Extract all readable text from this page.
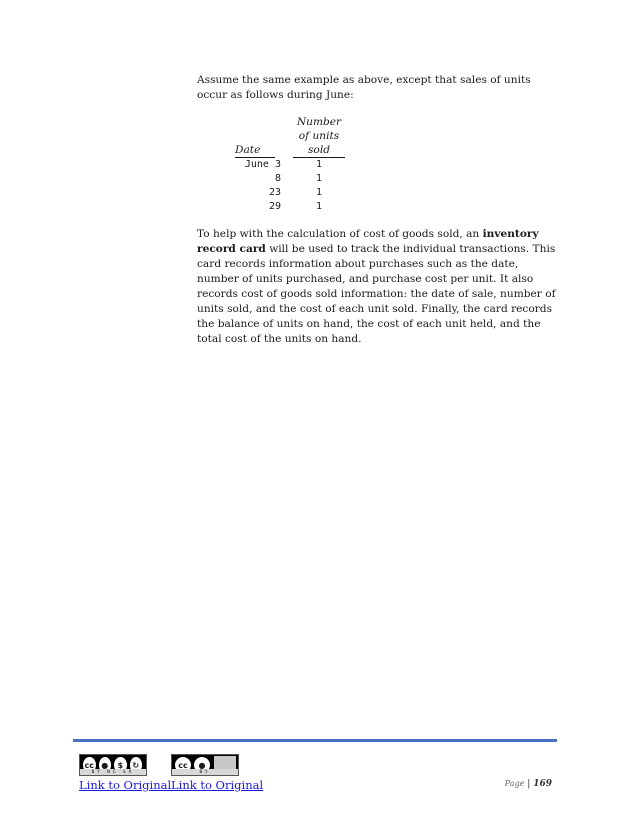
Assume the same example as above, except that sales of units occur as follows during June:

Date	Number of units sold
June 3	1
8	1
23	1
29	1

To help with the calculation of cost of goods sold, an inventory record card will be used to track the individual transactions. This card records information about purchases such as the date, number of units purchased, and purchase cost per unit. It also records cost of goods sold information: the date of sale, number of units sold, and the cost of each unit sold. Finally, the card records the balance of units on hand, the cost of each unit held, and the total cost of the units on hand.

cc ●	$	↻
BY NC SA
cc	●
BY
Link to Original Link to Original	Page | 169
